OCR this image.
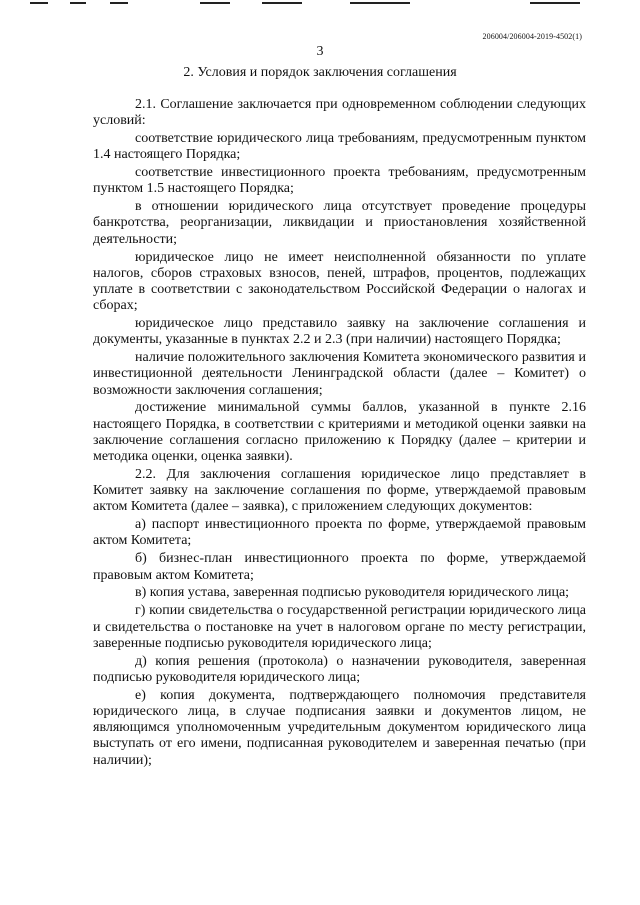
206004/206004-2019-4502(1)
3
2. Условия и порядок заключения соглашения

2.1. Соглашение заключается при одновременном соблюдении следующих условий:

соответствие юридического лица требованиям, предусмотренным пунктом 1.4 настоящего Порядка;

соответствие инвестиционного проекта требованиям, предусмотренным пунктом 1.5 настоящего Порядка;

в отношении юридического лица отсутствует проведение процедуры банкротства, реорганизации, ликвидации и приостановления хозяйственной деятельности;

юридическое лицо не имеет неисполненной обязанности по уплате налогов, сборов страховых взносов, пеней, штрафов, процентов, подлежащих уплате в соответствии с законодательством Российской Федерации о налогах и сборах;

юридическое лицо представило заявку на заключение соглашения и документы, указанные в пунктах 2.2 и 2.3 (при наличии) настоящего Порядка;

наличие положительного заключения Комитета экономического развития и инвестиционной деятельности Ленинградской области (далее – Комитет) о возможности заключения соглашения;

достижение минимальной суммы баллов, указанной в пункте 2.16 настоящего Порядка, в соответствии с критериями и методикой оценки заявки на заключение соглашения согласно приложению к Порядку (далее – критерии и методика оценки, оценка заявки).

2.2. Для заключения соглашения юридическое лицо представляет в Комитет заявку на заключение соглашения по форме, утверждаемой правовым актом Комитета (далее – заявка), с приложением следующих документов:

а) паспорт инвестиционного проекта по форме, утверждаемой правовым актом Комитета;

б) бизнес-план инвестиционного проекта по форме, утверждаемой правовым актом Комитета;

в) копия устава, заверенная подписью руководителя юридического лица;

г) копии свидетельства о государственной регистрации юридического лица и свидетельства о постановке на учет в налоговом органе по месту регистрации, заверенные подписью руководителя юридического лица;

д) копия решения (протокола) о назначении руководителя, заверенная подписью руководителя юридического лица;

е) копия документа, подтверждающего полномочия представителя юридического лица, в случае подписания заявки и документов лицом, не являющимся уполномоченным учредительным документом юридического лица выступать от его имени, подписанная руководителем и заверенная печатью (при наличии);
